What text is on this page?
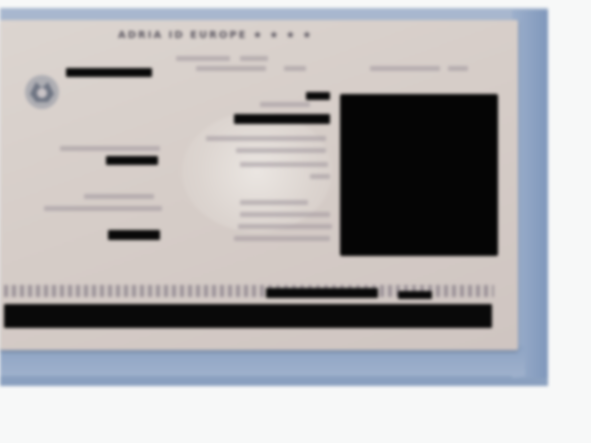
ADRIA ID EUROPE ★ ★ ★ ★
